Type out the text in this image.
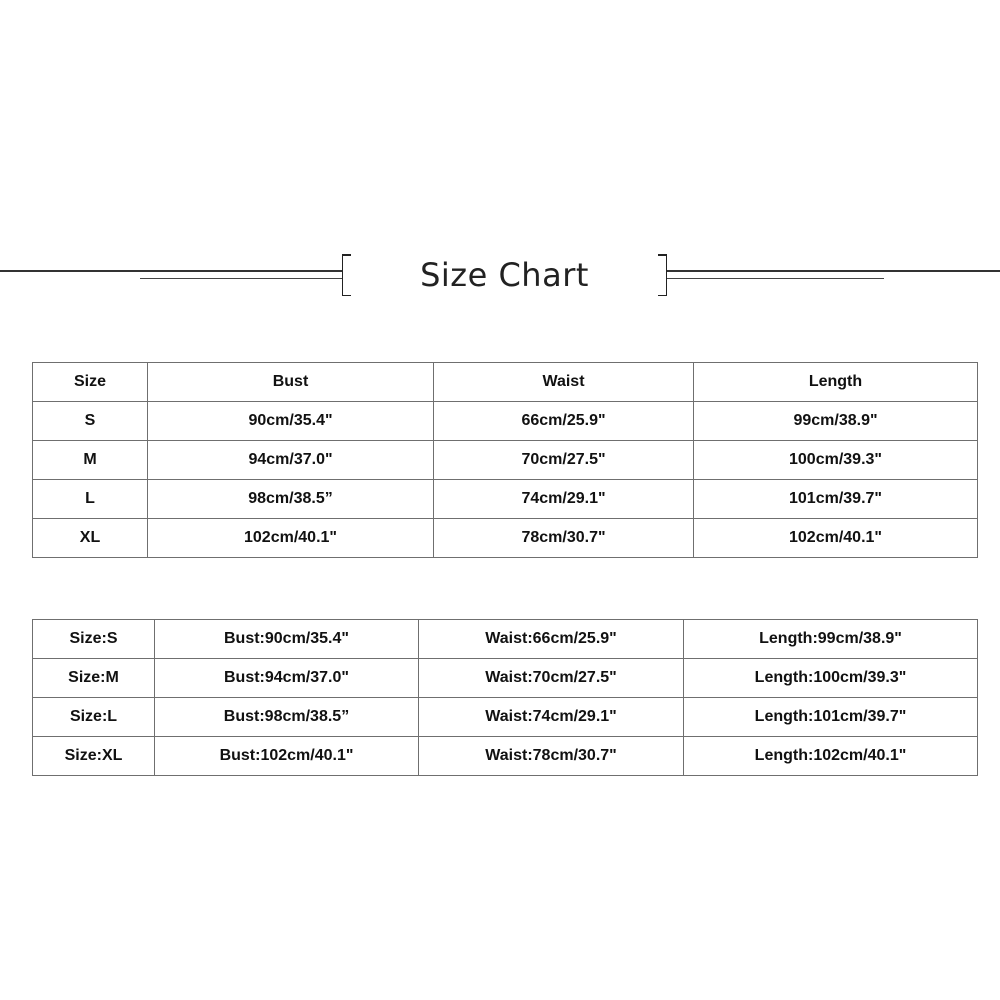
Size Chart
Size	Bust	Waist	Length
S	90cm/35.4"	66cm/25.9"	99cm/38.9"
M	94cm/37.0"	70cm/27.5"	100cm/39.3"
L	98cm/38.5”	74cm/29.1"	101cm/39.7"
XL	102cm/40.1"	78cm/30.7"	102cm/40.1"
Size:S	Bust:90cm/35.4"	Waist:66cm/25.9"	Length:99cm/38.9"
Size:M	Bust:94cm/37.0"	Waist:70cm/27.5"	Length:100cm/39.3"
Size:L	Bust:98cm/38.5”	Waist:74cm/29.1"	Length:101cm/39.7"
Size:XL	Bust:102cm/40.1"	Waist:78cm/30.7"	Length:102cm/40.1"
